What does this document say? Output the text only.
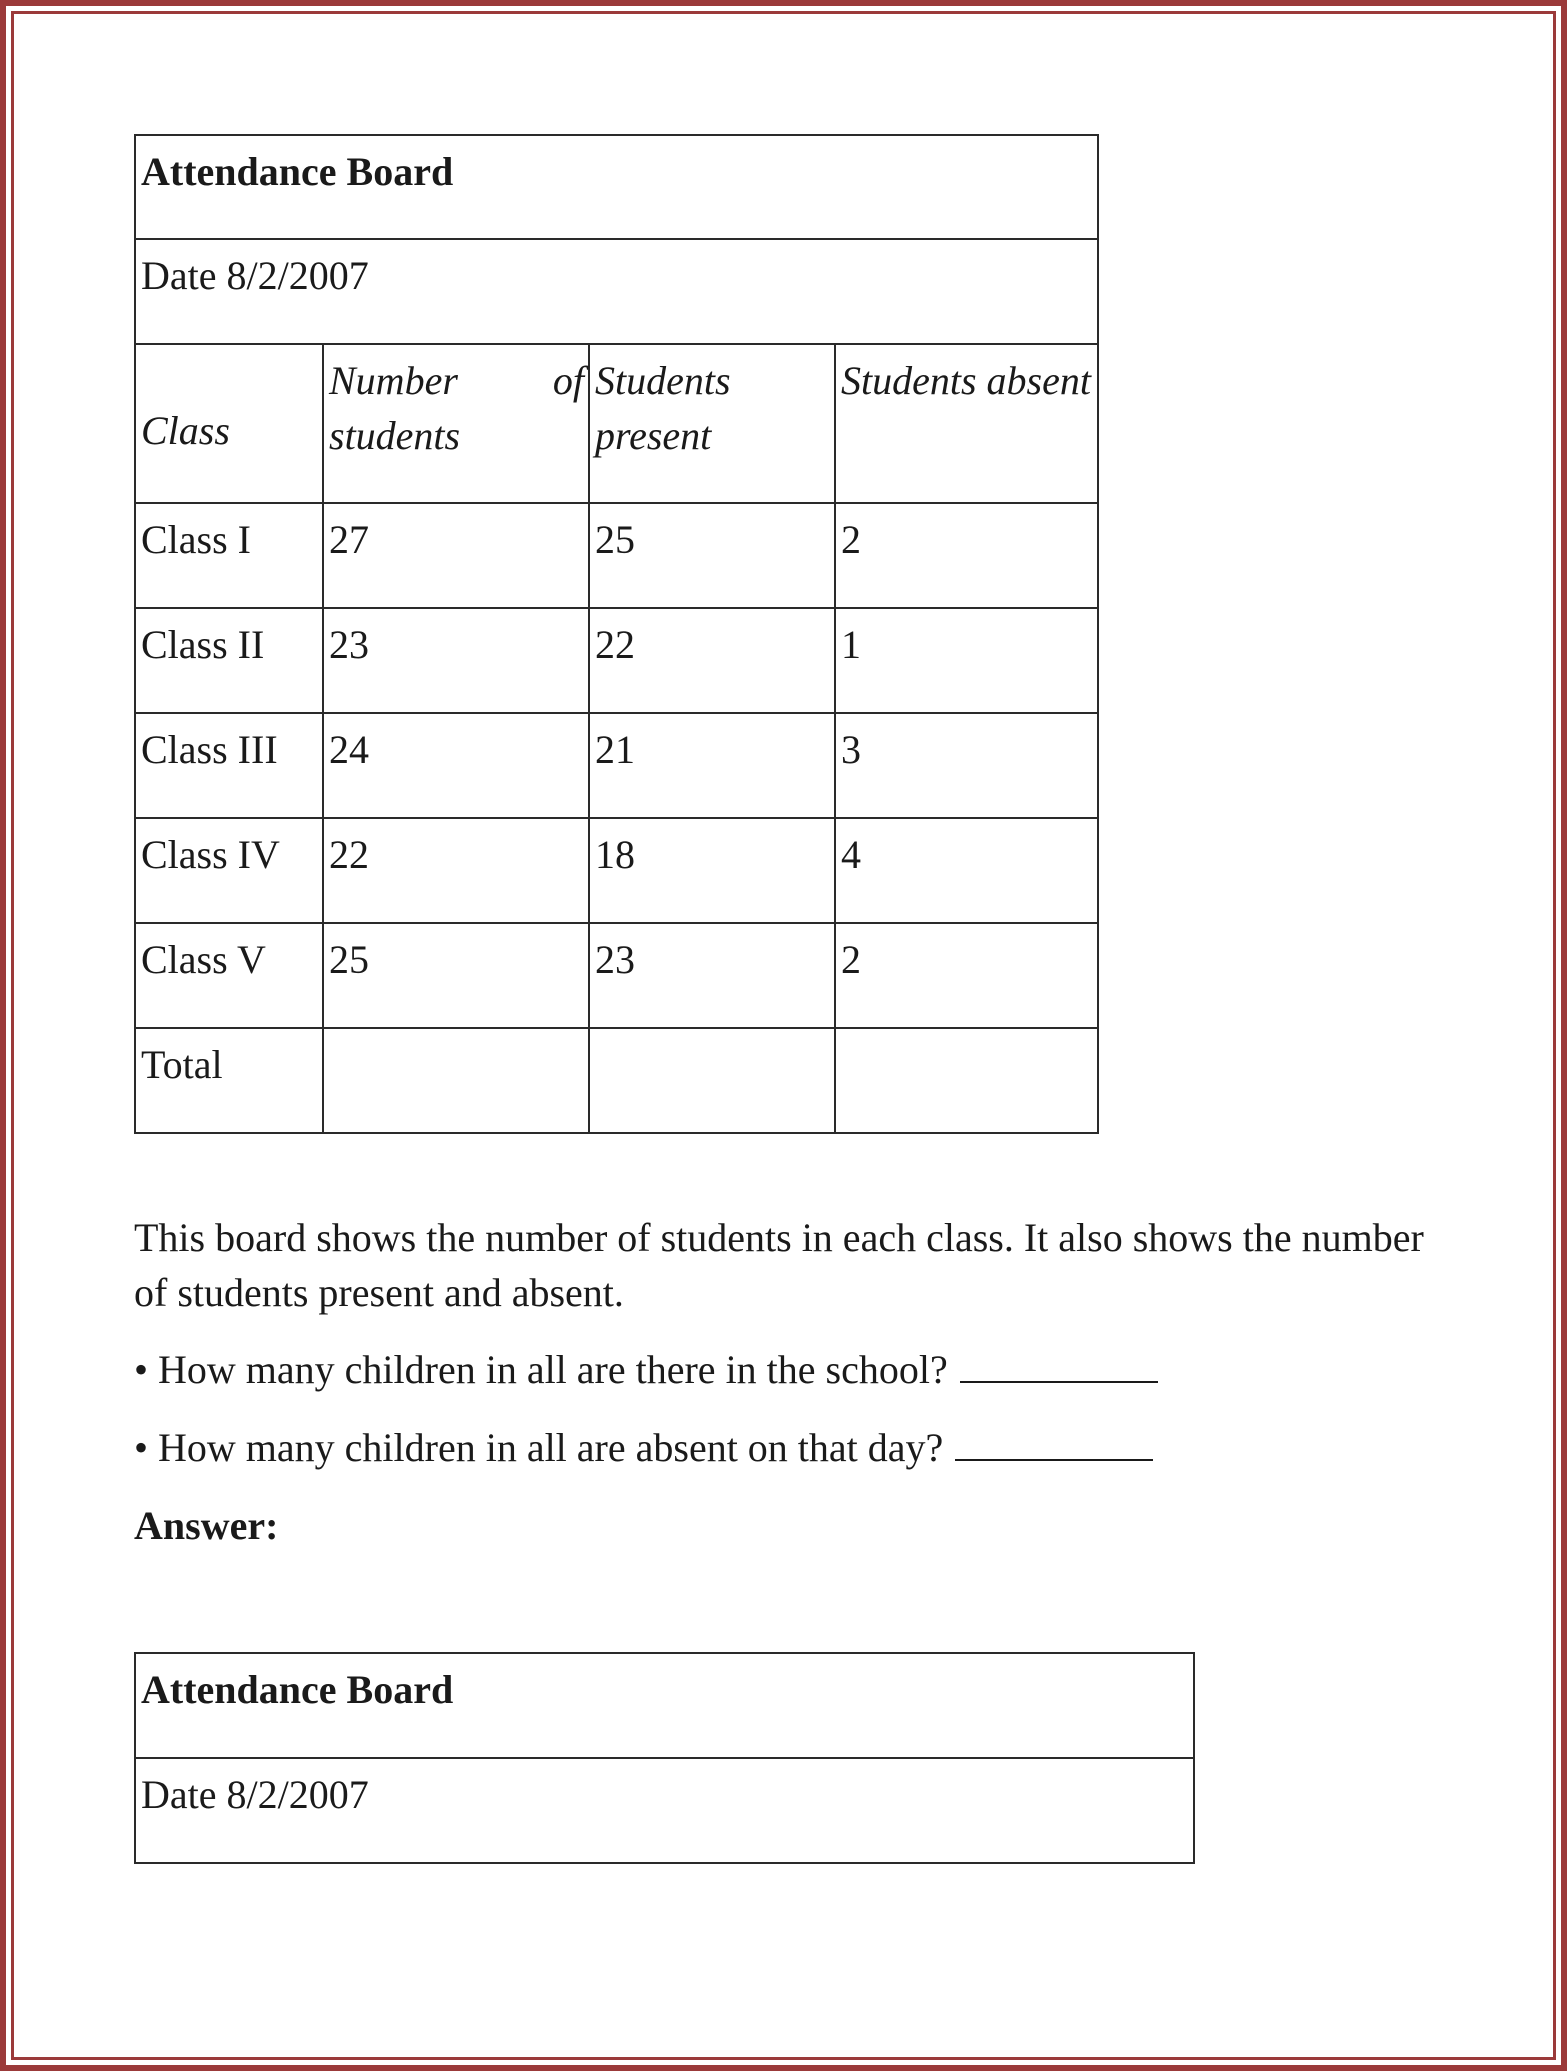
Attendance Board			
Date 8/2/2007			
Class	Number of students	Students present	Students absent
Class I	27	25	2
Class II	23	22	1
Class III	24	21	3
Class IV	22	18	4
Class V	25	23	2
Total			
This board shows the number of students in each class. It also shows the number of students present and absent.
• How many children in all are there in the school?
• How many children in all are absent on that day?
Answer:
Attendance Board
Date 8/2/2007
